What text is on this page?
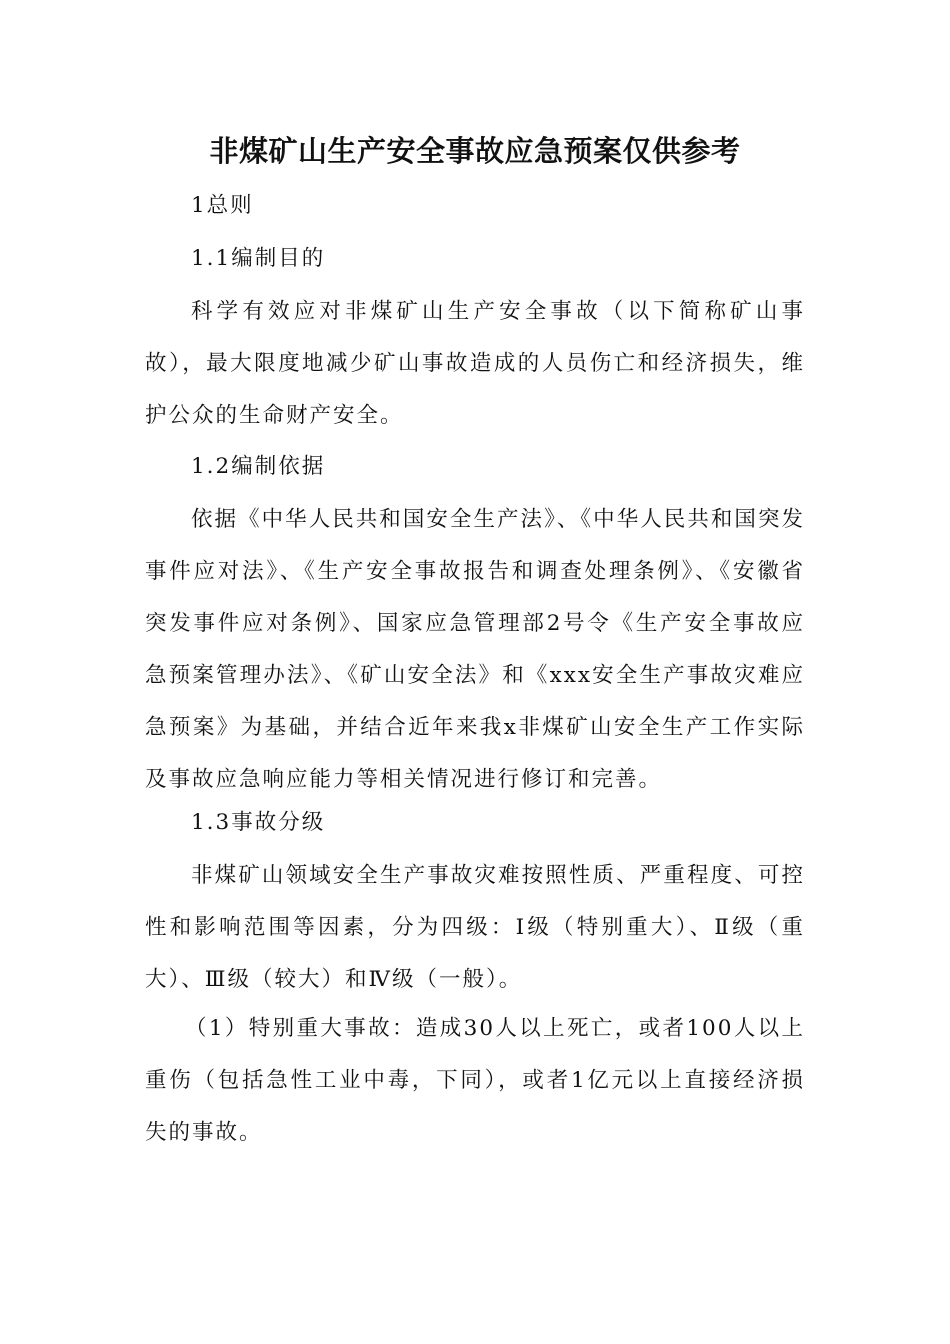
非煤矿山生产安全事故应急预案仅供参考
1总则
1.1编制目的
科学有效应对非煤矿山生产安全事故（以下简称矿山事故），最大限度地减少矿山事故造成的人员伤亡和经济损失，维护公众的生命财产安全。
1.2编制依据
依据《中华人民共和国安全生产法》、《中华人民共和国突发事件应对法》、《生产安全事故报告和调查处理条例》、《安徽省突发事件应对条例》、国家应急管理部2号令《生产安全事故应急预案管理办法》、《矿山安全法》和《xxx安全生产事故灾难应急预案》为基础，并结合近年来我x非煤矿山安全生产工作实际及事故应急响应能力等相关情况进行修订和完善。
1.3事故分级
非煤矿山领域安全生产事故灾难按照性质、严重程度、可控性和影响范围等因素，分为四级：Ⅰ级（特别重大）、Ⅱ级（重大）、Ⅲ级（较大）和Ⅳ级（一般）。
（1）特别重大事故：造成30人以上死亡，或者100人以上重伤（包括急性工业中毒，下同），或者1亿元以上直接经济损失的事故。
